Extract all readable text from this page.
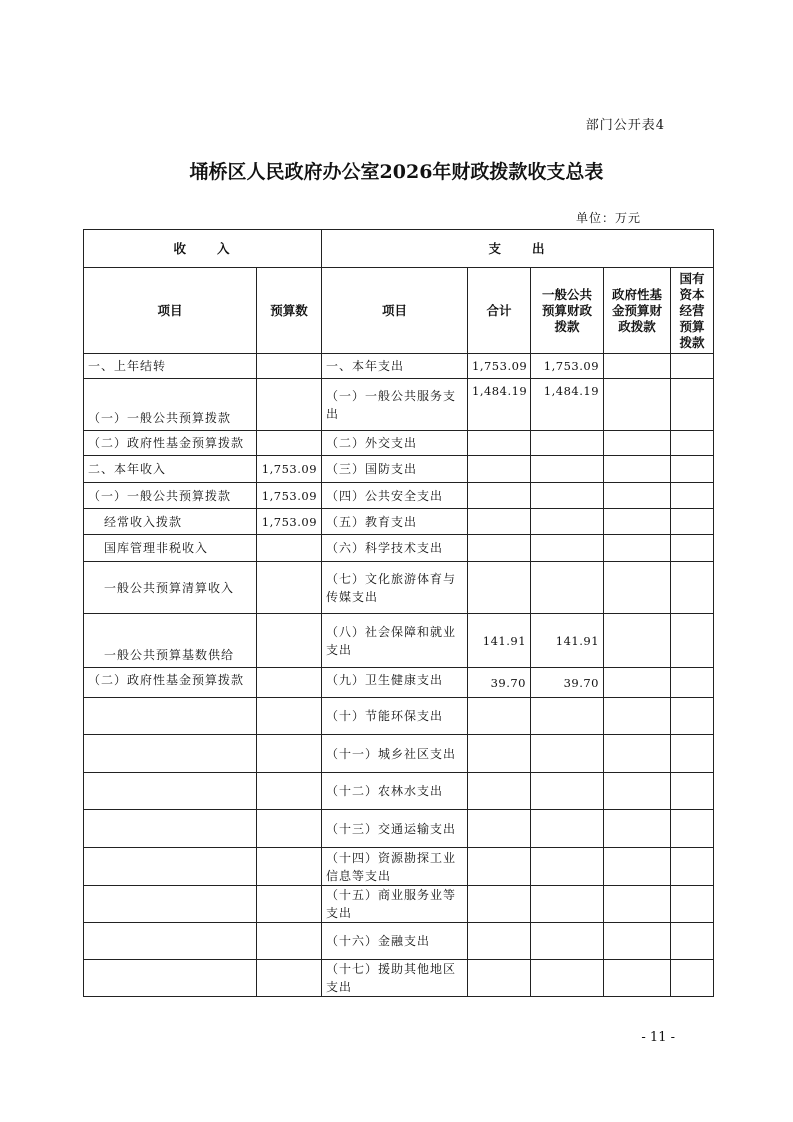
部门公开表4
埇桥区人民政府办公室2026年财政拨款收支总表
单位：万元
收　　入		支　　出				
项目	预算数	项目	合计	一般公共预算财政拨款	政府性基金预算财政拨款	国有资本经营预算拨款

一、上年结转		一、本年支出	1,753.09	1,753.09		
（一）一般公共预算拨款		（一）一般公共服务支出	1,484.19	1,484.19		
（二）政府性基金预算拨款		（二）外交支出				
二、本年收入	1,753.09	（三）国防支出				
（一）一般公共预算拨款	1,753.09	（四）公共安全支出				
经常收入拨款	1,753.09	（五）教育支出				
国库管理非税收入		（六）科学技术支出				
一般公共预算清算收入		（七）文化旅游体育与传媒支出				
一般公共预算基数供给		（八）社会保障和就业支出	141.91	141.91		
（二）政府性基金预算拨款		（九）卫生健康支出	39.70	39.70		
		（十）节能环保支出				
		（十一）城乡社区支出				
		（十二）农林水支出				
		（十三）交通运输支出				
		（十四）资源勘探工业信息等支出				
		（十五）商业服务业等支出				
		（十六）金融支出				
		（十七）援助其他地区支出				
- 11 -
